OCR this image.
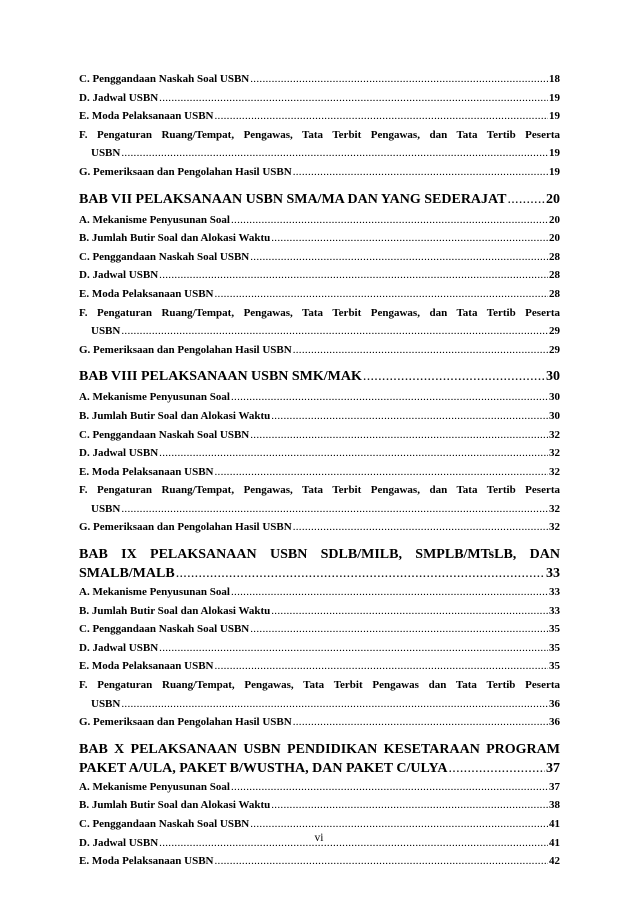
C. Penggandaan Naskah Soal USBN .....	18
D. Jadwal USBN .....	19
E. Moda Pelaksanaan USBN .....	19
F. Pengaturan Ruang/Tempat, Pengawas, Tata Terbit Pengawas, dan Tata Tertib Peserta
USBN .....	19
G. Pemeriksaan dan Pengolahan Hasil USBN .....	19
BAB VII PELAKSANAAN USBN SMA/MA DAN YANG SEDERAJAT .....	20
A. Mekanisme Penyusunan Soal .....	20
B. Jumlah Butir Soal dan Alokasi Waktu .....	20
C. Penggandaan Naskah Soal USBN .....	28
D. Jadwal USBN .....	28
E. Moda Pelaksanaan USBN .....	28
F. Pengaturan Ruang/Tempat, Pengawas, Tata Terbit Pengawas, dan Tata Tertib Peserta
USBN .....	29
G. Pemeriksaan dan Pengolahan Hasil USBN .....	29
BAB VIII PELAKSANAAN USBN SMK/MAK .....	30
A. Mekanisme Penyusunan Soal .....	30
B. Jumlah Butir Soal dan Alokasi Waktu .....	30
C. Penggandaan Naskah Soal USBN .....	32
D. Jadwal USBN .....	32
E. Moda Pelaksanaan USBN .....	32
F. Pengaturan Ruang/Tempat, Pengawas, Tata Terbit Pengawas, dan Tata Tertib Peserta
USBN .....	32
G. Pemeriksaan dan Pengolahan Hasil USBN .....	32
BAB IX PELAKSANAAN USBN SDLB/MILB, SMPLB/MTsLB, DAN
SMALB/MALB .....	33
A. Mekanisme Penyusunan Soal .....	33
B. Jumlah Butir Soal dan Alokasi Waktu .....	33
C. Penggandaan Naskah Soal USBN .....	35
D. Jadwal USBN .....	35
E. Moda Pelaksanaan USBN .....	35
F. Pengaturan Ruang/Tempat, Pengawas, Tata Terbit Pengawas dan Tata Tertib Peserta
USBN .....	36
G. Pemeriksaan dan Pengolahan Hasil USBN .....	36
BAB X PELAKSANAAN USBN PENDIDIKAN KESETARAAN PROGRAM
PAKET A/ULA, PAKET B/WUSTHA, DAN PAKET C/ULYA .....	37
A. Mekanisme Penyusunan Soal .....	37
B. Jumlah Butir Soal dan Alokasi Waktu .....	38
C. Penggandaan Naskah Soal USBN .....	41
D. Jadwal USBN .....	41
E. Moda Pelaksanaan USBN .....	42
vi
